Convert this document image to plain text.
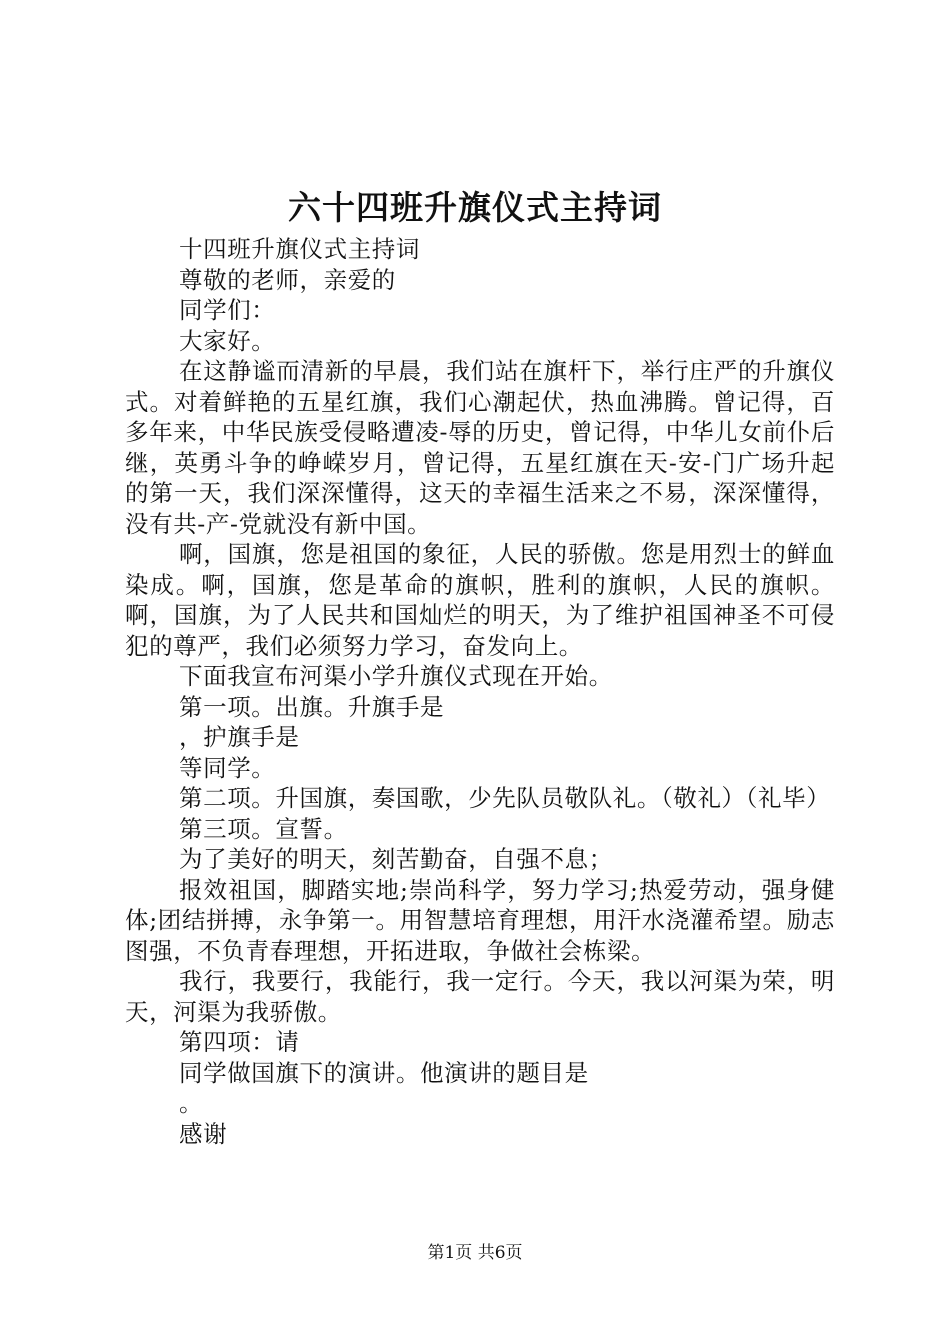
六十四班升旗仪式主持词

十四班升旗仪式主持词

尊敬的老师，亲爱的

同学们：

大家好。

在这静谧而清新的早晨，我们站在旗杆下，举行庄严的升旗仪式。对着鲜艳的五星红旗，我们心潮起伏，热血沸腾。曾记得，百多年来，中华民族受侵略遭凌-辱的历史，曾记得，中华儿女前仆后继，英勇斗争的峥嵘岁月，曾记得，五星红旗在天-安-门广场升起的第一天，我们深深懂得，这天的幸福生活来之不易，深深懂得，没有共-产-党就没有新中国。

啊，国旗，您是祖国的象征，人民的骄傲。您是用烈士的鲜血染成。啊，国旗，您是革命的旗帜，胜利的旗帜，人民的旗帜。啊，国旗，为了人民共和国灿烂的明天，为了维护祖国神圣不可侵犯的尊严，我们必须努力学习，奋发向上。

下面我宣布河渠小学升旗仪式现在开始。

第一项。出旗。升旗手是

，护旗手是

等同学。

第二项。升国旗，奏国歌，少先队员敬队礼。（敬礼）（礼毕）

第三项。宣誓。

为了美好的明天，刻苦勤奋，自强不息；

报效祖国，脚踏实地;崇尚科学，努力学习;热爱劳动，强身健体;团结拼搏，永争第一。用智慧培育理想，用汗水浇灌希望。励志图强，不负青春理想，开拓进取，争做社会栋梁。

我行，我要行，我能行，我一定行。今天，我以河渠为荣，明天，河渠为我骄傲。

第四项：请

同学做国旗下的演讲。他演讲的题目是

。

感谢

第1页 共6页
